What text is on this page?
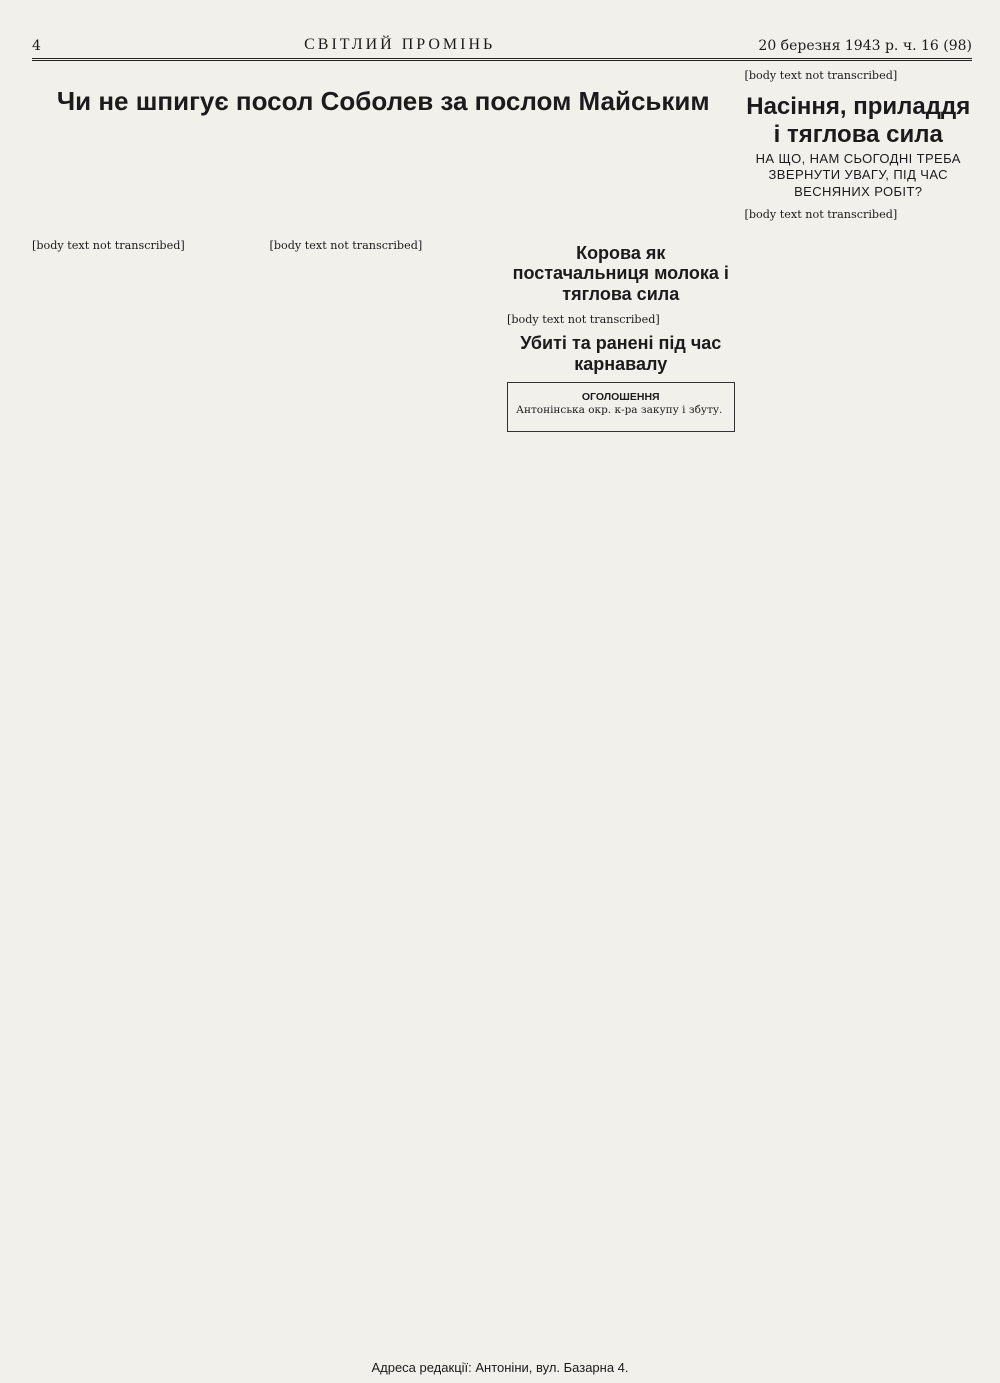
4	СВІТЛИЙ ПРОМІНЬ	20 березня 1943 р. ч. 16 (98)
Чи не шпигує посол Соболев за послом Майським

[body text not transcribed]

Насіння, приладдя і тяглова сила
НА ЩО, НАМ СЬОГОДНІ ТРЕБА ЗВЕРНУТИ УВАГУ, ПІД ЧАС ВЕСНЯНИХ РОБІТ?

[body text not transcribed]

[body text not transcribed]	[body text not transcribed]	Корова як постачальниця молока і тяглова сила

[body text not transcribed]

Убиті та ранені під час карнавалу
ОГОЛОШЕННЯ

Антонінська окр. к-ра закупу і збуту.

Адреса редакції: Антоніни, вул. Базарна 4.
